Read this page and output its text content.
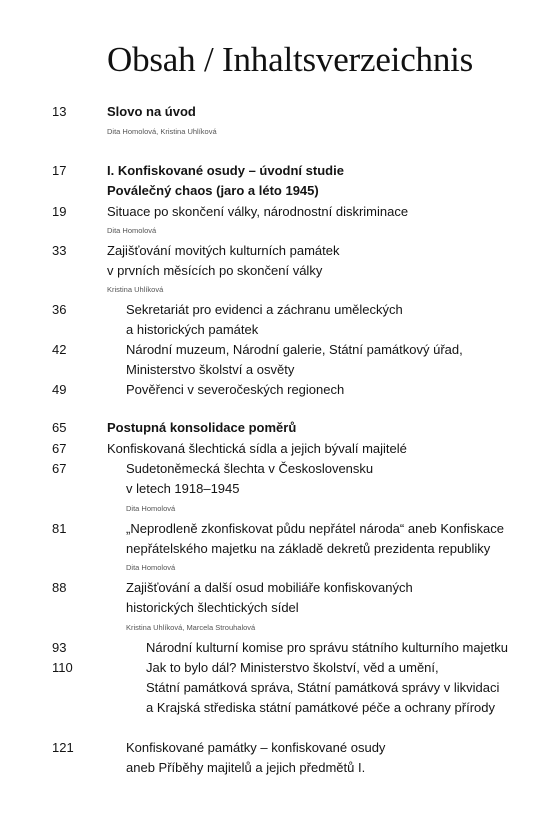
Obsah / Inhaltsverzeichnis
13	Slovo na úvod
Dita Homolová, Kristina Uhlíková
17	I. Konfiskované osudy – úvodní studie
Poválečný chaos (jaro a léto 1945)
19	Situace po skončení války, národnostní diskriminace
Dita Homolová
33	Zajišťování movitých kulturních památek
v prvních měsících po skončení války
Kristina Uhlíková
36	Sekretariát pro evidenci a záchranu uměleckých
a historických památek
42	Národní muzeum, Národní galerie, Státní památkový úřad,
Ministerstvo školství a osvěty
49	Pověřenci v severočeských regionech
65	Postupná konsolidace poměrů
67	Konfiskovaná šlechtická sídla a jejich bývalí majitelé
67	Sudetoněmecká šlechta v Československu
v letech 1918–1945
Dita Homolová
81	„Neprodleně zkonfiskovat půdu nepřátel národa“ aneb Konfiskace
nepřátelského majetku na základě dekretů prezidenta republiky
Dita Homolová
88	Zajišťování a další osud mobiliáře konfiskovaných
historických šlechtických sídel
Kristina Uhlíková, Marcela Strouhalová
93	Národní kulturní komise pro správu státního kulturního majetku
110	Jak to bylo dál? Ministerstvo školství, věd a umění,
Státní památková správa, Státní památková správy v likvidaci
a Krajská střediska státní památkové péče a ochrany přírody
121	Konfiskované památky – konfiskované osudy
aneb Příběhy majitelů a jejich předmětů I.
